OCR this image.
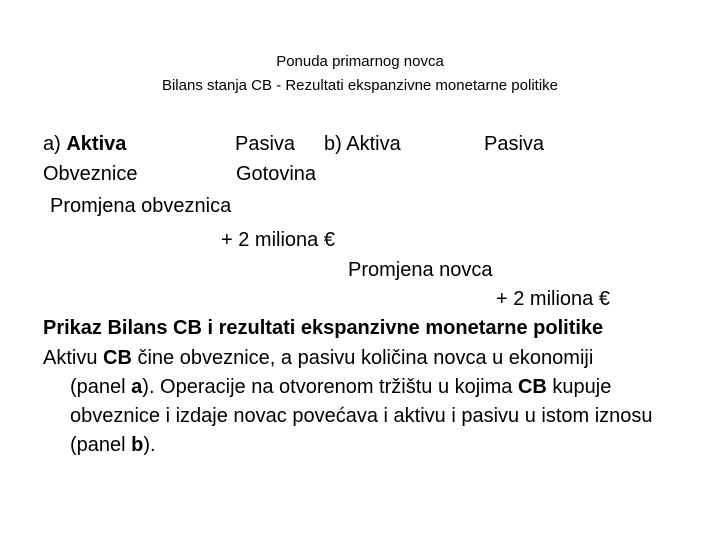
Ponuda primarnog novca
Bilans stanja CB - Rezultati ekspanzivne monetarne politike
a) Aktiva	Pasiva b) Aktiva	Pasiva
Obveznice	Gotovina
Promjena obveznica
+ 2 miliona €
Promjena novca
+ 2 miliona €
Prikaz Bilans CB i rezultati ekspanzivne monetarne politike
Aktivu CB čine obveznice, a pasivu količina novca u ekonomiji
(panel a). Operacije na otvorenom tržištu u kojima CB kupuje obveznice i izdaje novac povećava i aktivu i pasivu u istom iznosu (panel b).
